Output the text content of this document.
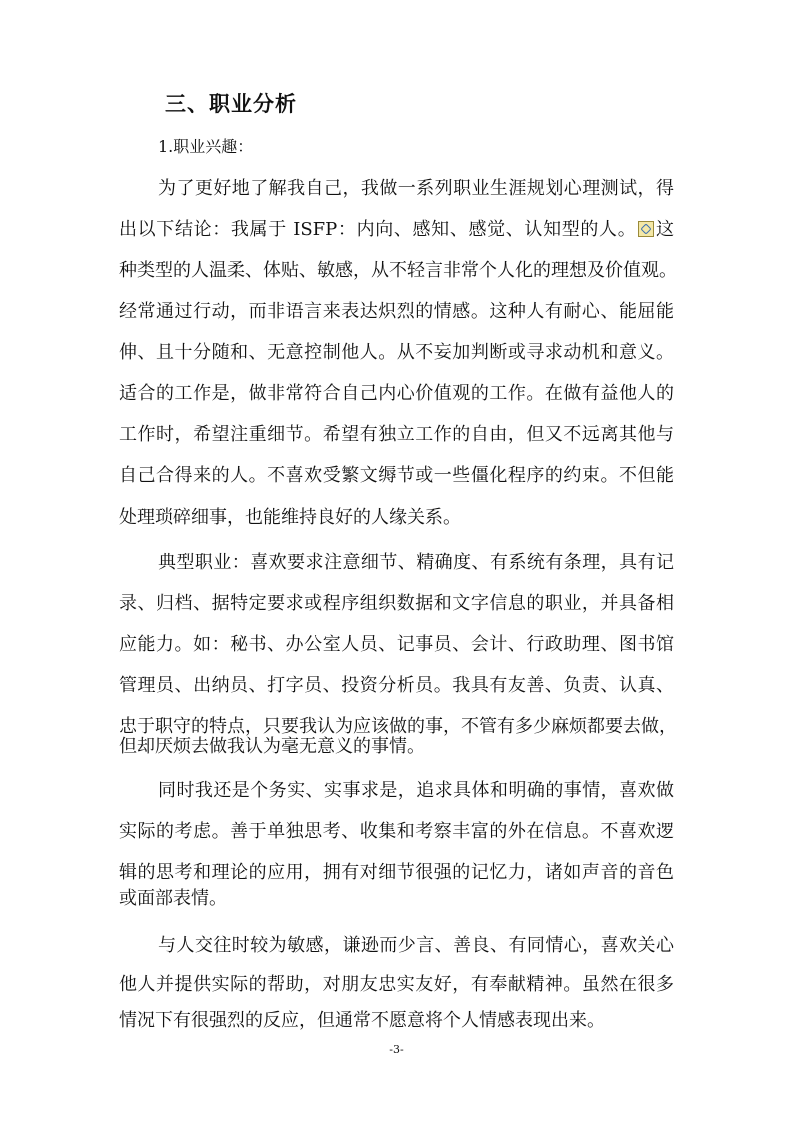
三、职业分析
1.职业兴趣：
为了更好地了解我自己，我做一系列职业生涯规划心理测试，得
出以下结论：我属于 ISFP：内向、感知、感觉、认知型的人。 这
种类型的人温柔、体贴、敏感，从不轻言非常个人化的理想及价值观。
经常通过行动，而非语言来表达炽烈的情感。这种人有耐心、能屈能
伸、且十分随和、无意控制他人。从不妄加判断或寻求动机和意义。
适合的工作是，做非常符合自己内心价值观的工作。在做有益他人的
工作时，希望注重细节。希望有独立工作的自由，但又不远离其他与
自己合得来的人。不喜欢受繁文缛节或一些僵化程序的约束。不但能
处理琐碎细事，也能维持良好的人缘关系。
典型职业：喜欢要求注意细节、精确度、有系统有条理，具有记
录、归档、据特定要求或程序组织数据和文字信息的职业，并具备相
应能力。如：秘书、办公室人员、记事员、会计、行政助理、图书馆
管理员、出纳员、打字员、投资分析员。我具有友善、负责、认真、
忠于职守的特点，只要我认为应该做的事，不管有多少麻烦都要去做，
但却厌烦去做我认为毫无意义的事情。
同时我还是个务实、实事求是，追求具体和明确的事情，喜欢做
实际的考虑。善于单独思考、收集和考察丰富的外在信息。不喜欢逻
辑的思考和理论的应用，拥有对细节很强的记忆力，诸如声音的音色
或面部表情。
与人交往时较为敏感，谦逊而少言、善良、有同情心，喜欢关心
他人并提供实际的帮助，对朋友忠实友好，有奉献精神。虽然在很多
情况下有很强烈的反应，但通常不愿意将个人情感表现出来。
-3-
